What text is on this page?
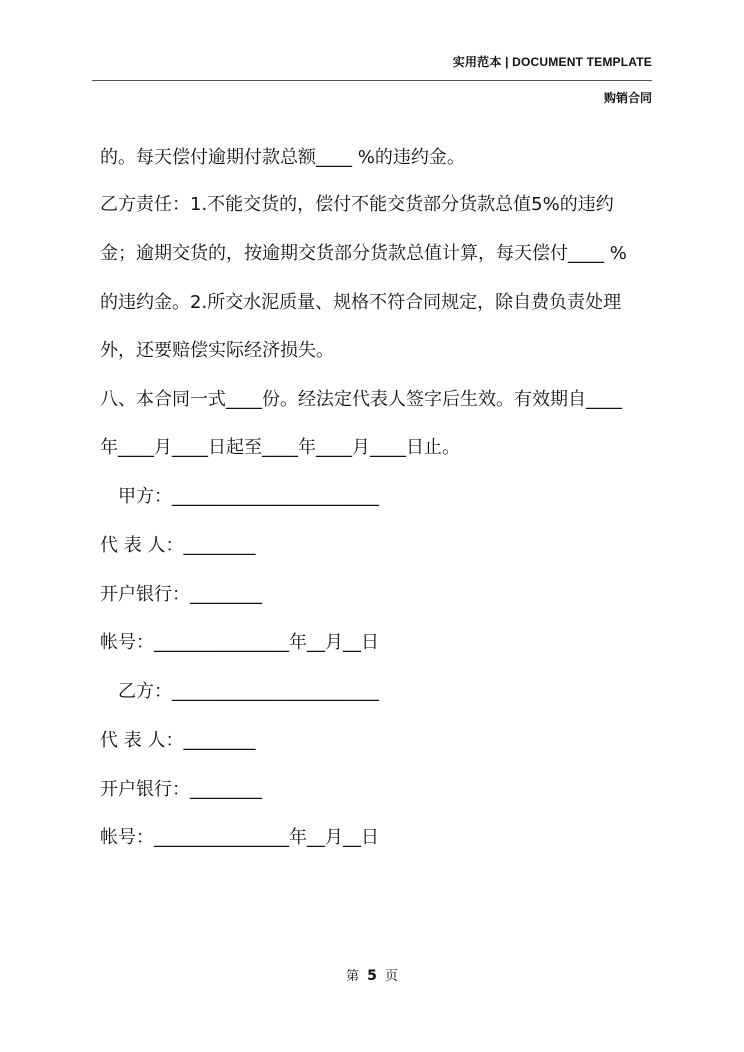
实用范本 | DOCUMENT TEMPLATE
购销合同
的。每天偿付逾期付款总额____ %的违约金。
乙方责任：1.不能交货的，偿付不能交货部分货款总值5%的违约
金；逾期交货的，按逾期交货部分货款总值计算，每天偿付____ %
的违约金。2.所交水泥质量、规格不符合同规定，除自费负责处理
外，还要赔偿实际经济损失。
八、本合同一式____份。经法定代表人签字后生效。有效期自____
年____月____日起至____年____月____日止。
甲方：_______________________
代 表 人：________
开户银行：________
帐号：_______________年__月__日
乙方：_______________________
代 表 人：________
开户银行：________
帐号：_______________年__月__日
第 5 页
